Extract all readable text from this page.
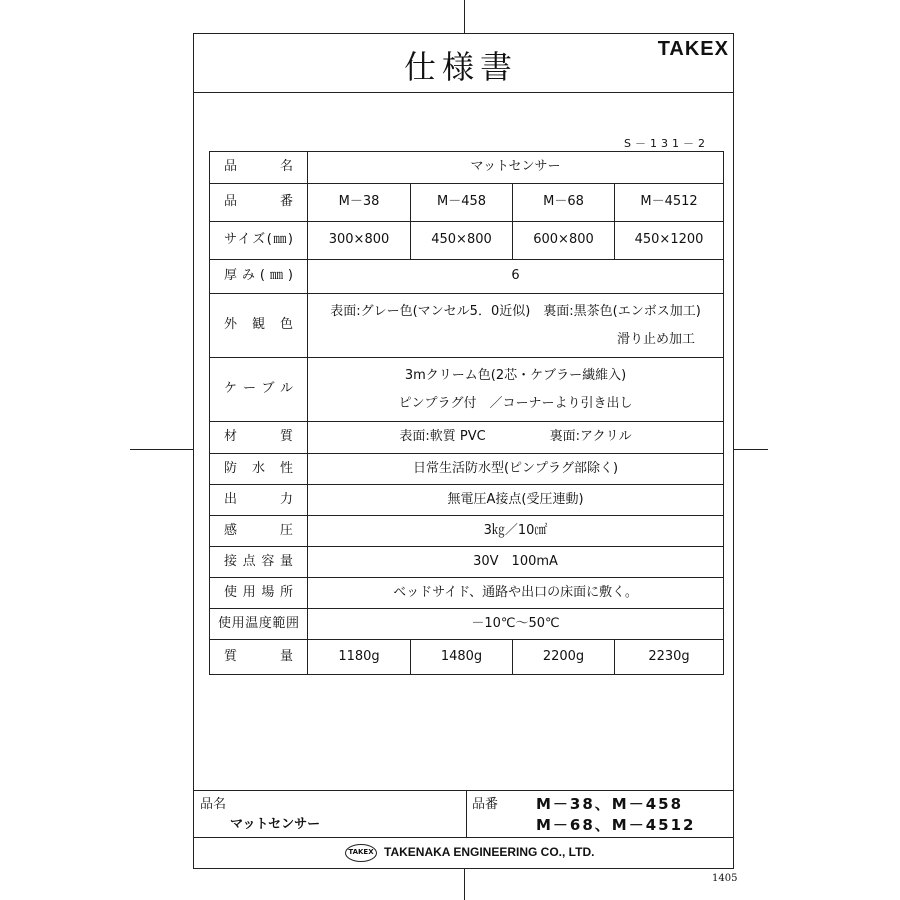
仕様書	TAKEX
S－131－2
品名	マットセンサー			
品番	M－38	M－458	M－68	M－4512
サイズ(㎜)	300×800	450×800	600×800	450×1200
厚み(㎜)	6			
外観色	表面:グレー色(マンセル5．0近似)　裏面:黒茶色(エンボス加工)
滑り止め加工			

ケーブル	3mクリーム色(2芯・ケブラー繊維入)
ピンプラグ付　／コーナーより引き出し			

材質	表面:軟質 PVC 裏面:アクリル			
防水性	日常生活防水型(ピンプラグ部除く)			
出力	無電圧A接点(受圧連動)			
感圧	3㎏／10㎠			
接点容量	30V　100mA			
使用場所	ベッドサイド、通路や出口の床面に敷く。			
使用温度範囲	－10℃～50℃			
質量	1180g	1480g	2200g	2230g
品名
マットセンサー
品番	M－38、M－458
M－68、M－4512
TAKEX TAKENAKA ENGINEERING CO., LTD.
1405
